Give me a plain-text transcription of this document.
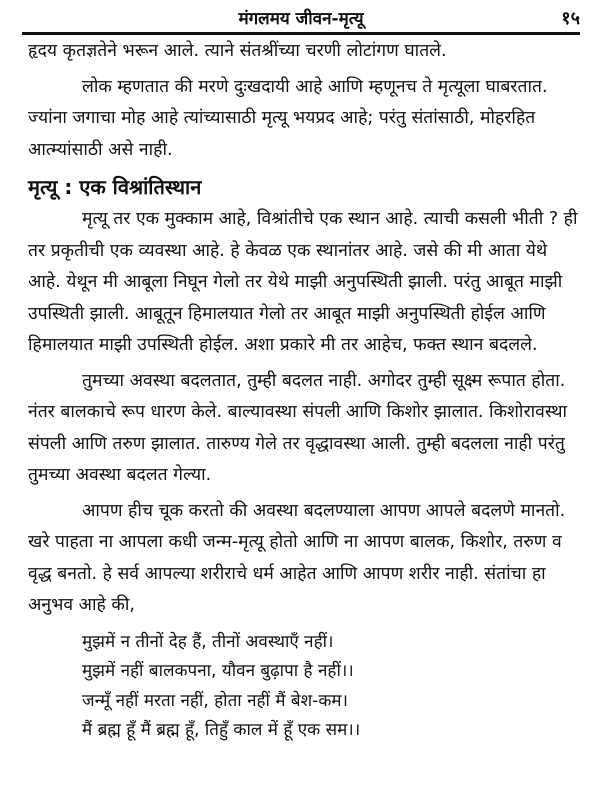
मंगलमय जीवन-मृत्यू	१५

हृदय कृतज्ञतेने भरून आले. त्याने संतश्रींच्या चरणी लोटांगण घातले.

लोक म्हणतात की मरणे दुःखदायी आहे आणि म्हणूनच ते मृत्यूला घाबरतात. ज्यांना जगाचा मोह आहे त्यांच्यासाठी मृत्यू भयप्रद आहे; परंतु संतांसाठी, मोहरहित आत्म्यांसाठी असे नाही.

मृत्यू : एक विश्रांतिस्थान

मृत्यू तर एक मुक्काम आहे, विश्रांतीचे एक स्थान आहे. त्याची कसली भीती ? ही तर प्रकृतीची एक व्यवस्था आहे. हे केवळ एक स्थानांतर आहे. जसे की मी आता येथे आहे. येथून मी आबूला निघून गेलो तर येथे माझी अनुपस्थिती झाली. परंतु आबूत माझी उपस्थिती झाली. आबूतून हिमालयात गेलो तर आबूत माझी अनुपस्थिती होईल आणि हिमालयात माझी उपस्थिती होईल. अशा प्रकारे मी तर आहेच, फक्त स्थान बदलले.

तुमच्या अवस्था बदलतात, तुम्ही बदलत नाही. अगोदर तुम्ही सूक्ष्म रूपात होता. नंतर बालकाचे रूप धारण केले. बाल्यावस्था संपली आणि किशोर झालात. किशोरावस्था संपली आणि तरुण झालात. तारुण्य गेले तर वृद्धावस्था आली. तुम्ही बदलला नाही परंतु तुमच्या अवस्था बदलत गेल्या.

आपण हीच चूक करतो की अवस्था बदलण्याला आपण आपले बदलणे मानतो. खरे पाहता ना आपला कधी जन्म-मृत्यू होतो आणि ना आपण बालक, किशोर, तरुण व वृद्ध बनतो. हे सर्व आपल्या शरीराचे धर्म आहेत आणि आपण शरीर नाही. संतांचा हा अनुभव आहे की,

मुझमें न तीनों देह हैं, तीनों अवस्थाएँ नहीं।
मुझमें नहीं बालकपना, यौवन बुढ़ापा है नहीं।।
जन्मूँ नहीं मरता नहीं, होता नहीं मैं बेश-कम।
मैं ब्रह्म हूँ मैं ब्रह्म हूँ, तिहुँ काल में हूँ एक सम।।
